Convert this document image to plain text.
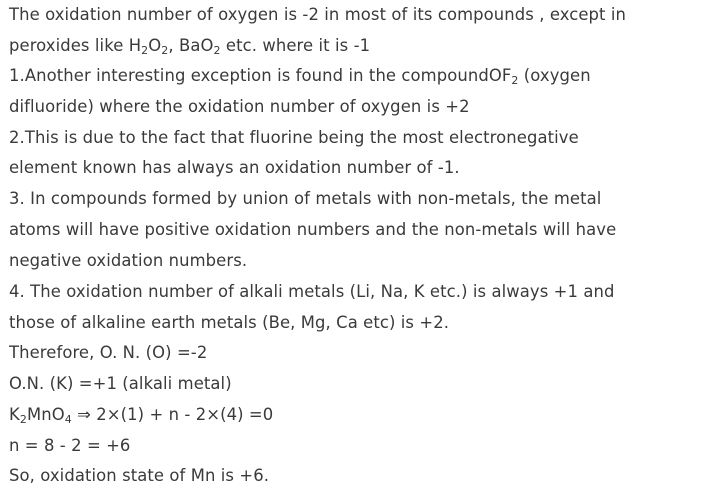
The oxidation number of oxygen is -2 in most of its compounds , except in
peroxides like $H_2O_2$, BaO$_2$ etc. where it is -1
1.Another interesting exception is found in the compoundOF$_2$ (oxygen
difluoride) where the oxidation number of oxygen is +2
2.This is due to the fact that fluorine being the most electronegative
element known has always an oxidation number of -1.
3. In compounds formed by union of metals with non-metals, the metal
atoms will have positive oxidation numbers and the non-metals will have
negative oxidation numbers.
4. The oxidation number of alkali metals (Li, Na, K etc.) is always +1 and
those of alkaline earth metals (Be, Mg, Ca etc) is +2.
Therefore, O. N. (O) =-2
O.N. (K) =+1 (alkali metal)
$K_2MnO_4$ ⇒ 2×(1) + n - 2×(4) =0
n = 8 - 2 = +6
So, oxidation state of Mn is +6.
